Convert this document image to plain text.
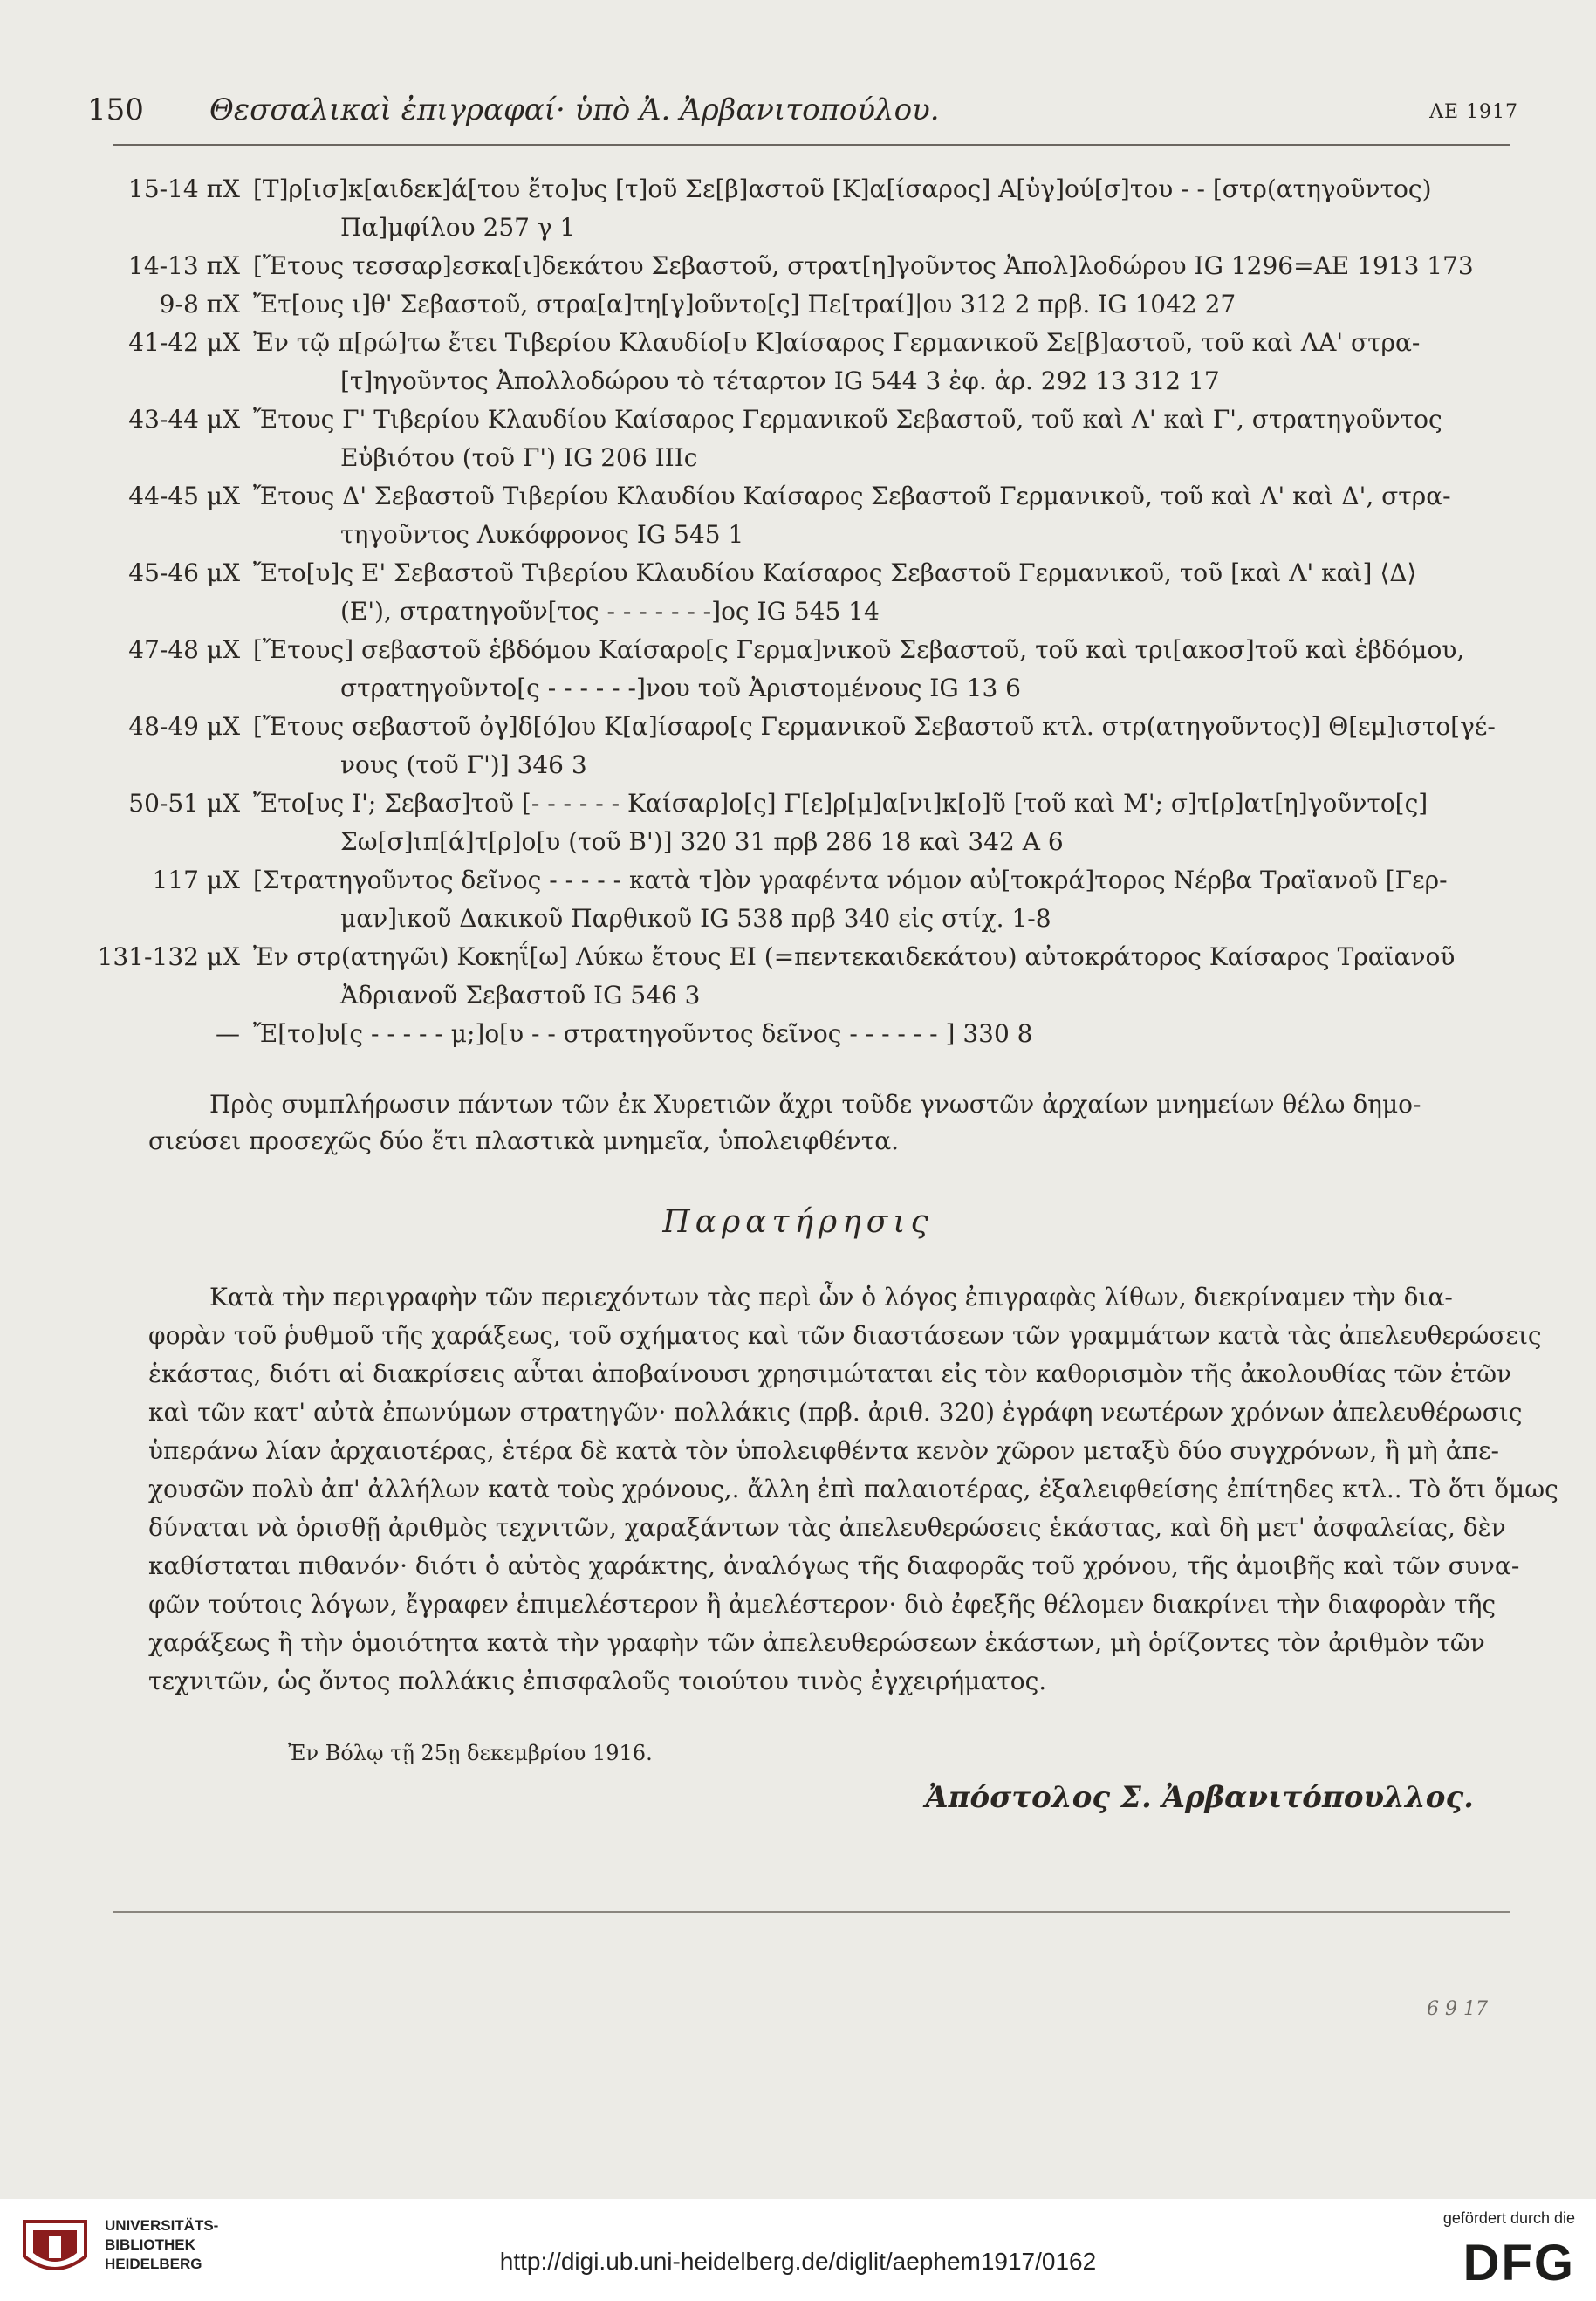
150 Θεσσαλικαὶ ἐπιγραφαί· ὑπὸ Ἀ. Ἀρβανιτοπούλου.	ΑΕ 1917
15-14 πΧ [Τ]ρ[ισ]κ[αιδεκ]ά[του ἔτο]υς [τ]οῦ Σε[β]αστοῦ [Κ]α[ίσαρος] Α[ὑγ]ού[σ]του - - [στρ(ατηγοῦντος)
Πα]μφίλου 257 γ 1
14-13 πΧ [Ἔτους τεσσαρ]εσκα[ι]δεκάτου Σεβαστοῦ, στρατ[η]γοῦντος Ἀπολ]λοδώρου IG 1296=ΑΕ 1913 173
9-8 πΧ Ἔτ[ους ι]θ' Σεβαστοῦ, στρα[α]τη[γ]οῦντο[ς] Πε[τραί]|ου 312 2 πρβ. IG 1042 27
41-42 μΧ Ἐν τῷ π[ρώ]τω ἔτει Τιβερίου Κλαυδίο[υ Κ]αίσαρος Γερμανικοῦ Σε[β]αστοῦ, τοῦ καὶ ΛΑ' στρα-
[τ]ηγοῦντος Ἀπολλοδώρου τὸ τέταρτον IG 544 3 ἐφ. ἀρ. 292 13 312 17
43-44 μΧ Ἔτους Γ' Τιβερίου Κλαυδίου Καίσαρος Γερμανικοῦ Σεβαστοῦ, τοῦ καὶ Λ' καὶ Γ', στρατηγοῦντος
Εὐβιότου (τοῦ Γ') IG 206 IIIc
44-45 μΧ Ἔτους Δ' Σεβαστοῦ Τιβερίου Κλαυδίου Καίσαρος Σεβαστοῦ Γερμανικοῦ, τοῦ καὶ Λ' καὶ Δ', στρα-
τηγοῦντος Λυκόφρονος IG 545 1
45-46 μΧ Ἔτο[υ]ς Ε' Σεβαστοῦ Τιβερίου Κλαυδίου Καίσαρος Σεβαστοῦ Γερμανικοῦ, τοῦ [καὶ Λ' καὶ] ⟨Δ⟩
(Ε'), στρατηγοῦν[τος - - - - - - -]ος IG 545 14
47-48 μΧ [Ἔτους] σεβαστοῦ ἑβδόμου Καίσαρο[ς Γερμα]νικοῦ Σεβαστοῦ, τοῦ καὶ τρι[ακοσ]τοῦ καὶ ἑβδόμου,
στρατηγοῦντο[ς - - - - - -]νου τοῦ Ἀριστομένους IG 13 6
48-49 μΧ [Ἔτους σεβαστοῦ ὀγ]δ[ό]ου Κ[α]ίσαρο[ς Γερμανικοῦ Σεβαστοῦ κτλ. στρ(ατηγοῦντος)] Θ[εμ]ιστο[γέ-
νους (τοῦ Γ')] 346 3
50-51 μΧ Ἔτο[υς Ι'; Σεβασ]τοῦ [- - - - - - Καίσαρ]ο[ς] Γ[ε]ρ[μ]α[νι]κ[ο]ῦ [τοῦ καὶ Μ'; σ]τ[ρ]ατ[η]γοῦντο[ς]
Σω[σ]ιπ[ά]τ[ρ]ο[υ (τοῦ Β')] 320 31 πρβ 286 18 καὶ 342 Α 6
117 μΧ [Στρατηγοῦντος δεῖνος - - - - - κατὰ τ]ὸν γραφέντα νόμον αὐ[τοκρά]τορος Νέρβα Τραϊανοῦ [Γερ-
μαν]ικοῦ Δακικοῦ Παρθικοῦ IG 538 πρβ 340 εἰς στίχ. 1-8
131-132 μΧ Ἐν στρ(ατηγῶι) Κοκηΐ[ω] Λύκω ἔτους ΕΙ (=πεντεκαιδεκάτου) αὐτοκράτορος Καίσαρος Τραϊανοῦ
Ἀδριανοῦ Σεβαστοῦ IG 546 3
— Ἔ[το]υ[ς - - - - - μ;]ο[υ - - στρατηγοῦντος δεῖνος - - - - - - ] 330 8
Πρὸς συμπλήρωσιν πάντων τῶν ἐκ Χυρετιῶν ἄχρι τοῦδε γνωστῶν ἀρχαίων μνημείων θέλω δημο-
σιεύσει προσεχῶς δύο ἔτι πλαστικὰ μνημεῖα, ὑπολειφθέντα.
Παρατήρησις
Κατὰ τὴν περιγραφὴν τῶν περιεχόντων τὰς περὶ ὧν ὁ λόγος ἐπιγραφὰς λίθων, διεκρίναμεν τὴν δια-
φορὰν τοῦ ῥυθμοῦ τῆς χαράξεως, τοῦ σχήματος καὶ τῶν διαστάσεων τῶν γραμμάτων κατὰ τὰς ἀπελευθερώσεις
ἑκάστας, διότι αἱ διακρίσεις αὗται ἀποβαίνουσι χρησιμώταται εἰς τὸν καθορισμὸν τῆς ἀκολουθίας τῶν ἐτῶν
καὶ τῶν κατ' αὐτὰ ἐπωνύμων στρατηγῶν· πολλάκις (πρβ. ἀριθ. 320) ἐγράφη νεωτέρων χρόνων ἀπελευθέρωσις
ὑπεράνω λίαν ἀρχαιοτέρας, ἑτέρα δὲ κατὰ τὸν ὑπολειφθέντα κενὸν χῶρον μεταξὺ δύο συγχρόνων, ἢ μὴ ἀπε-
χουσῶν πολὺ ἀπ' ἀλλήλων κατὰ τοὺς χρόνους,. ἄλλη ἐπὶ παλαιοτέρας, ἐξαλειφθείσης ἐπίτηδες κτλ.. Τὸ ὅτι ὅμως
δύναται νὰ ὁρισθῇ ἀριθμὸς τεχνιτῶν, χαραξάντων τὰς ἀπελευθερώσεις ἑκάστας, καὶ δὴ μετ' ἀσφαλείας, δὲν
καθίσταται πιθανόν· διότι ὁ αὐτὸς χαράκτης, ἀναλόγως τῆς διαφορᾶς τοῦ χρόνου, τῆς ἀμοιβῆς καὶ τῶν συνα-
φῶν τούτοις λόγων, ἔγραφεν ἐπιμελέστερον ἢ ἀμελέστερον· διὸ ἐφεξῆς θέλομεν διακρίνει τὴν διαφορὰν τῆς
χαράξεως ἢ τὴν ὁμοιότητα κατὰ τὴν γραφὴν τῶν ἀπελευθερώσεων ἑκάστων, μὴ ὁρίζοντες τὸν ἀριθμὸν τῶν
τεχνιτῶν, ὡς ὄντος πολλάκις ἐπισφαλοῦς τοιούτου τινὸς ἐγχειρήματος.
Ἐν Βόλῳ τῇ 25ῃ δεκεμβρίου 1916.
Ἀπόστολος Σ. Ἀρβανιτόπουλλος.
6 9 17
UNIVERSITÄTS-
BIBLIOTHEK
HEIDELBERG	http://digi.ub.uni-heidelberg.de/diglit/aephem1917/0162
gefördert durch die
DFG
